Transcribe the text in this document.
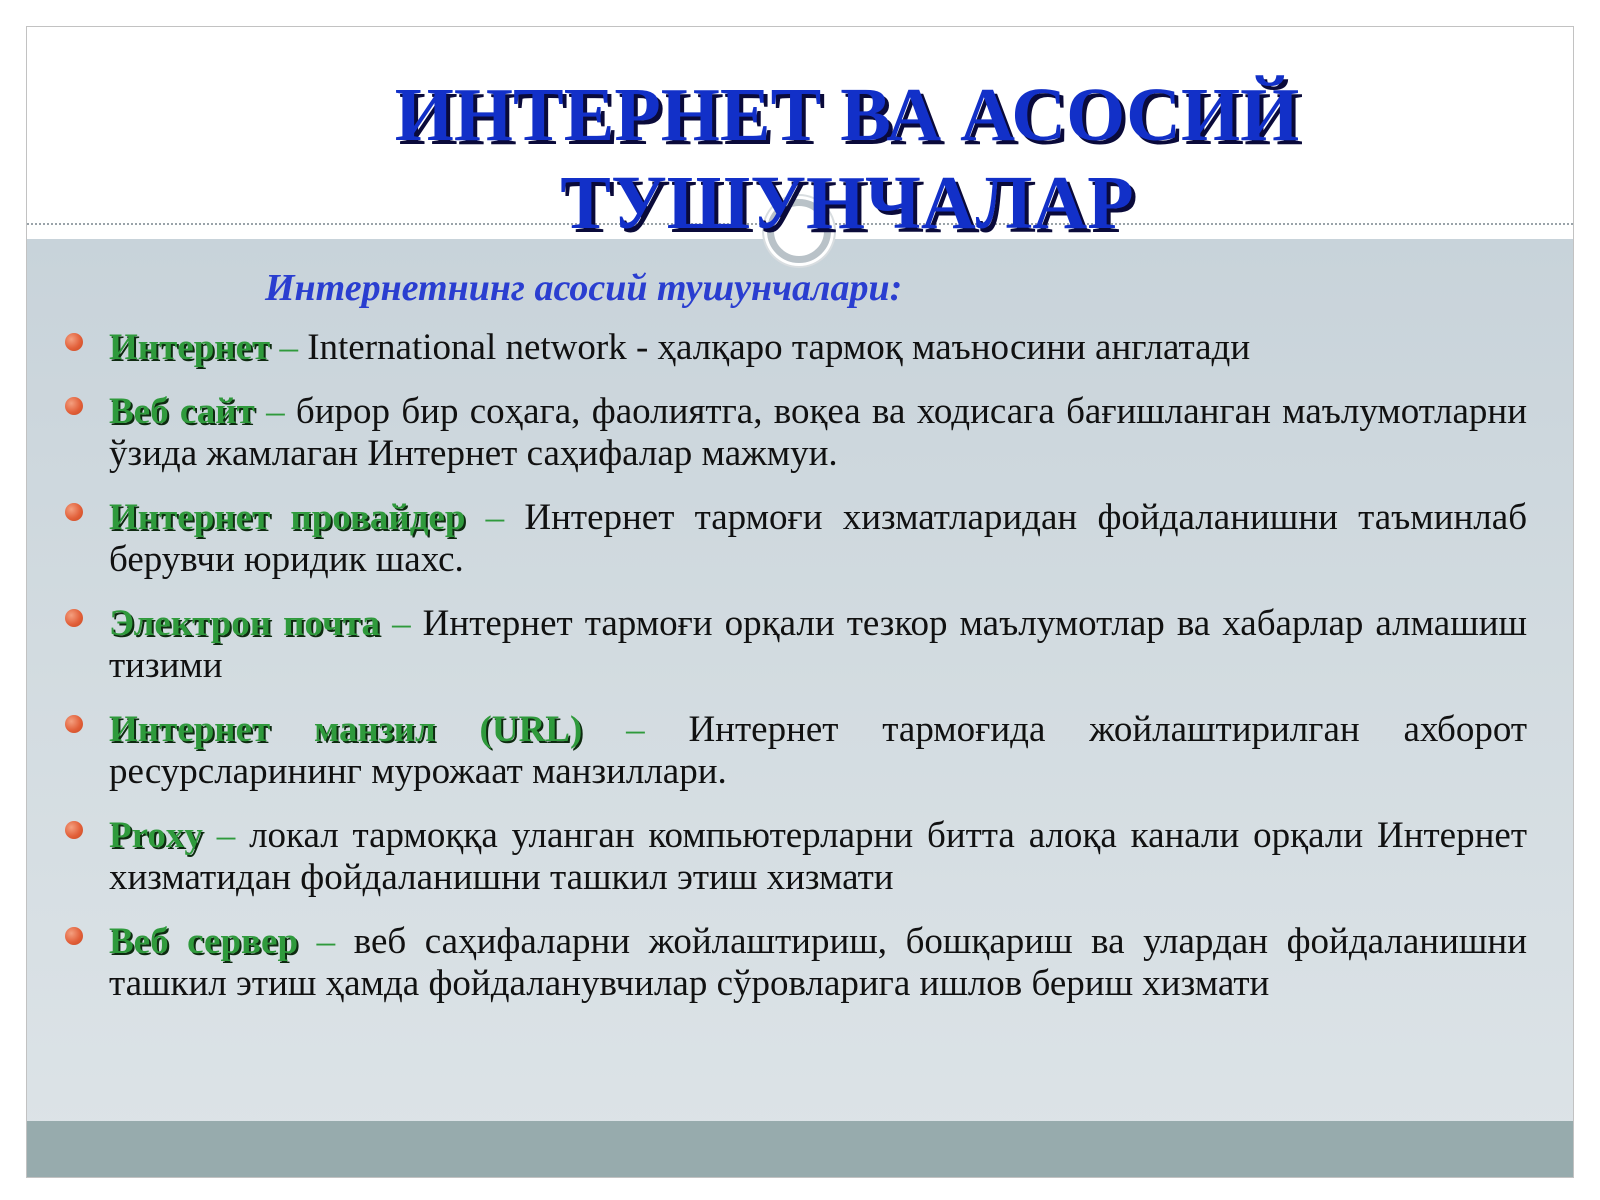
ИНТЕРНЕТ ВА АСОСИЙ ТУШУНЧАЛАР

Интернетнинг асосий тушунчалари:

Интернет – International network - ҳалқаро тармоқ маъносини англатади
Веб сайт – бирор бир соҳага, фаолиятга, воқеа ва ходисага бағишланган маълумотларни ўзида жамлаган Интернет саҳифалар мажмуи.
Интернет провайдер – Интернет тармоғи хизматларидан фойдаланишни таъминлаб берувчи юридик шахс.
Электрон почта – Интернет тармоғи орқали тезкор маълумотлар ва хабарлар алмашиш тизими
Интернет манзил (URL) – Интернет тармоғида жойлаштирилган ахборот ресурсларининг мурожаат манзиллари.
Proxy – локал тармоққа уланган компьютерларни битта алоқа канали орқали Интернет хизматидан фойдаланишни ташкил этиш хизмати
Веб сервер – веб саҳифаларни жойлаштириш, бошқариш ва улардан фойдаланишни ташкил этиш ҳамда фойдаланувчилар сўровларига ишлов бериш хизмати
